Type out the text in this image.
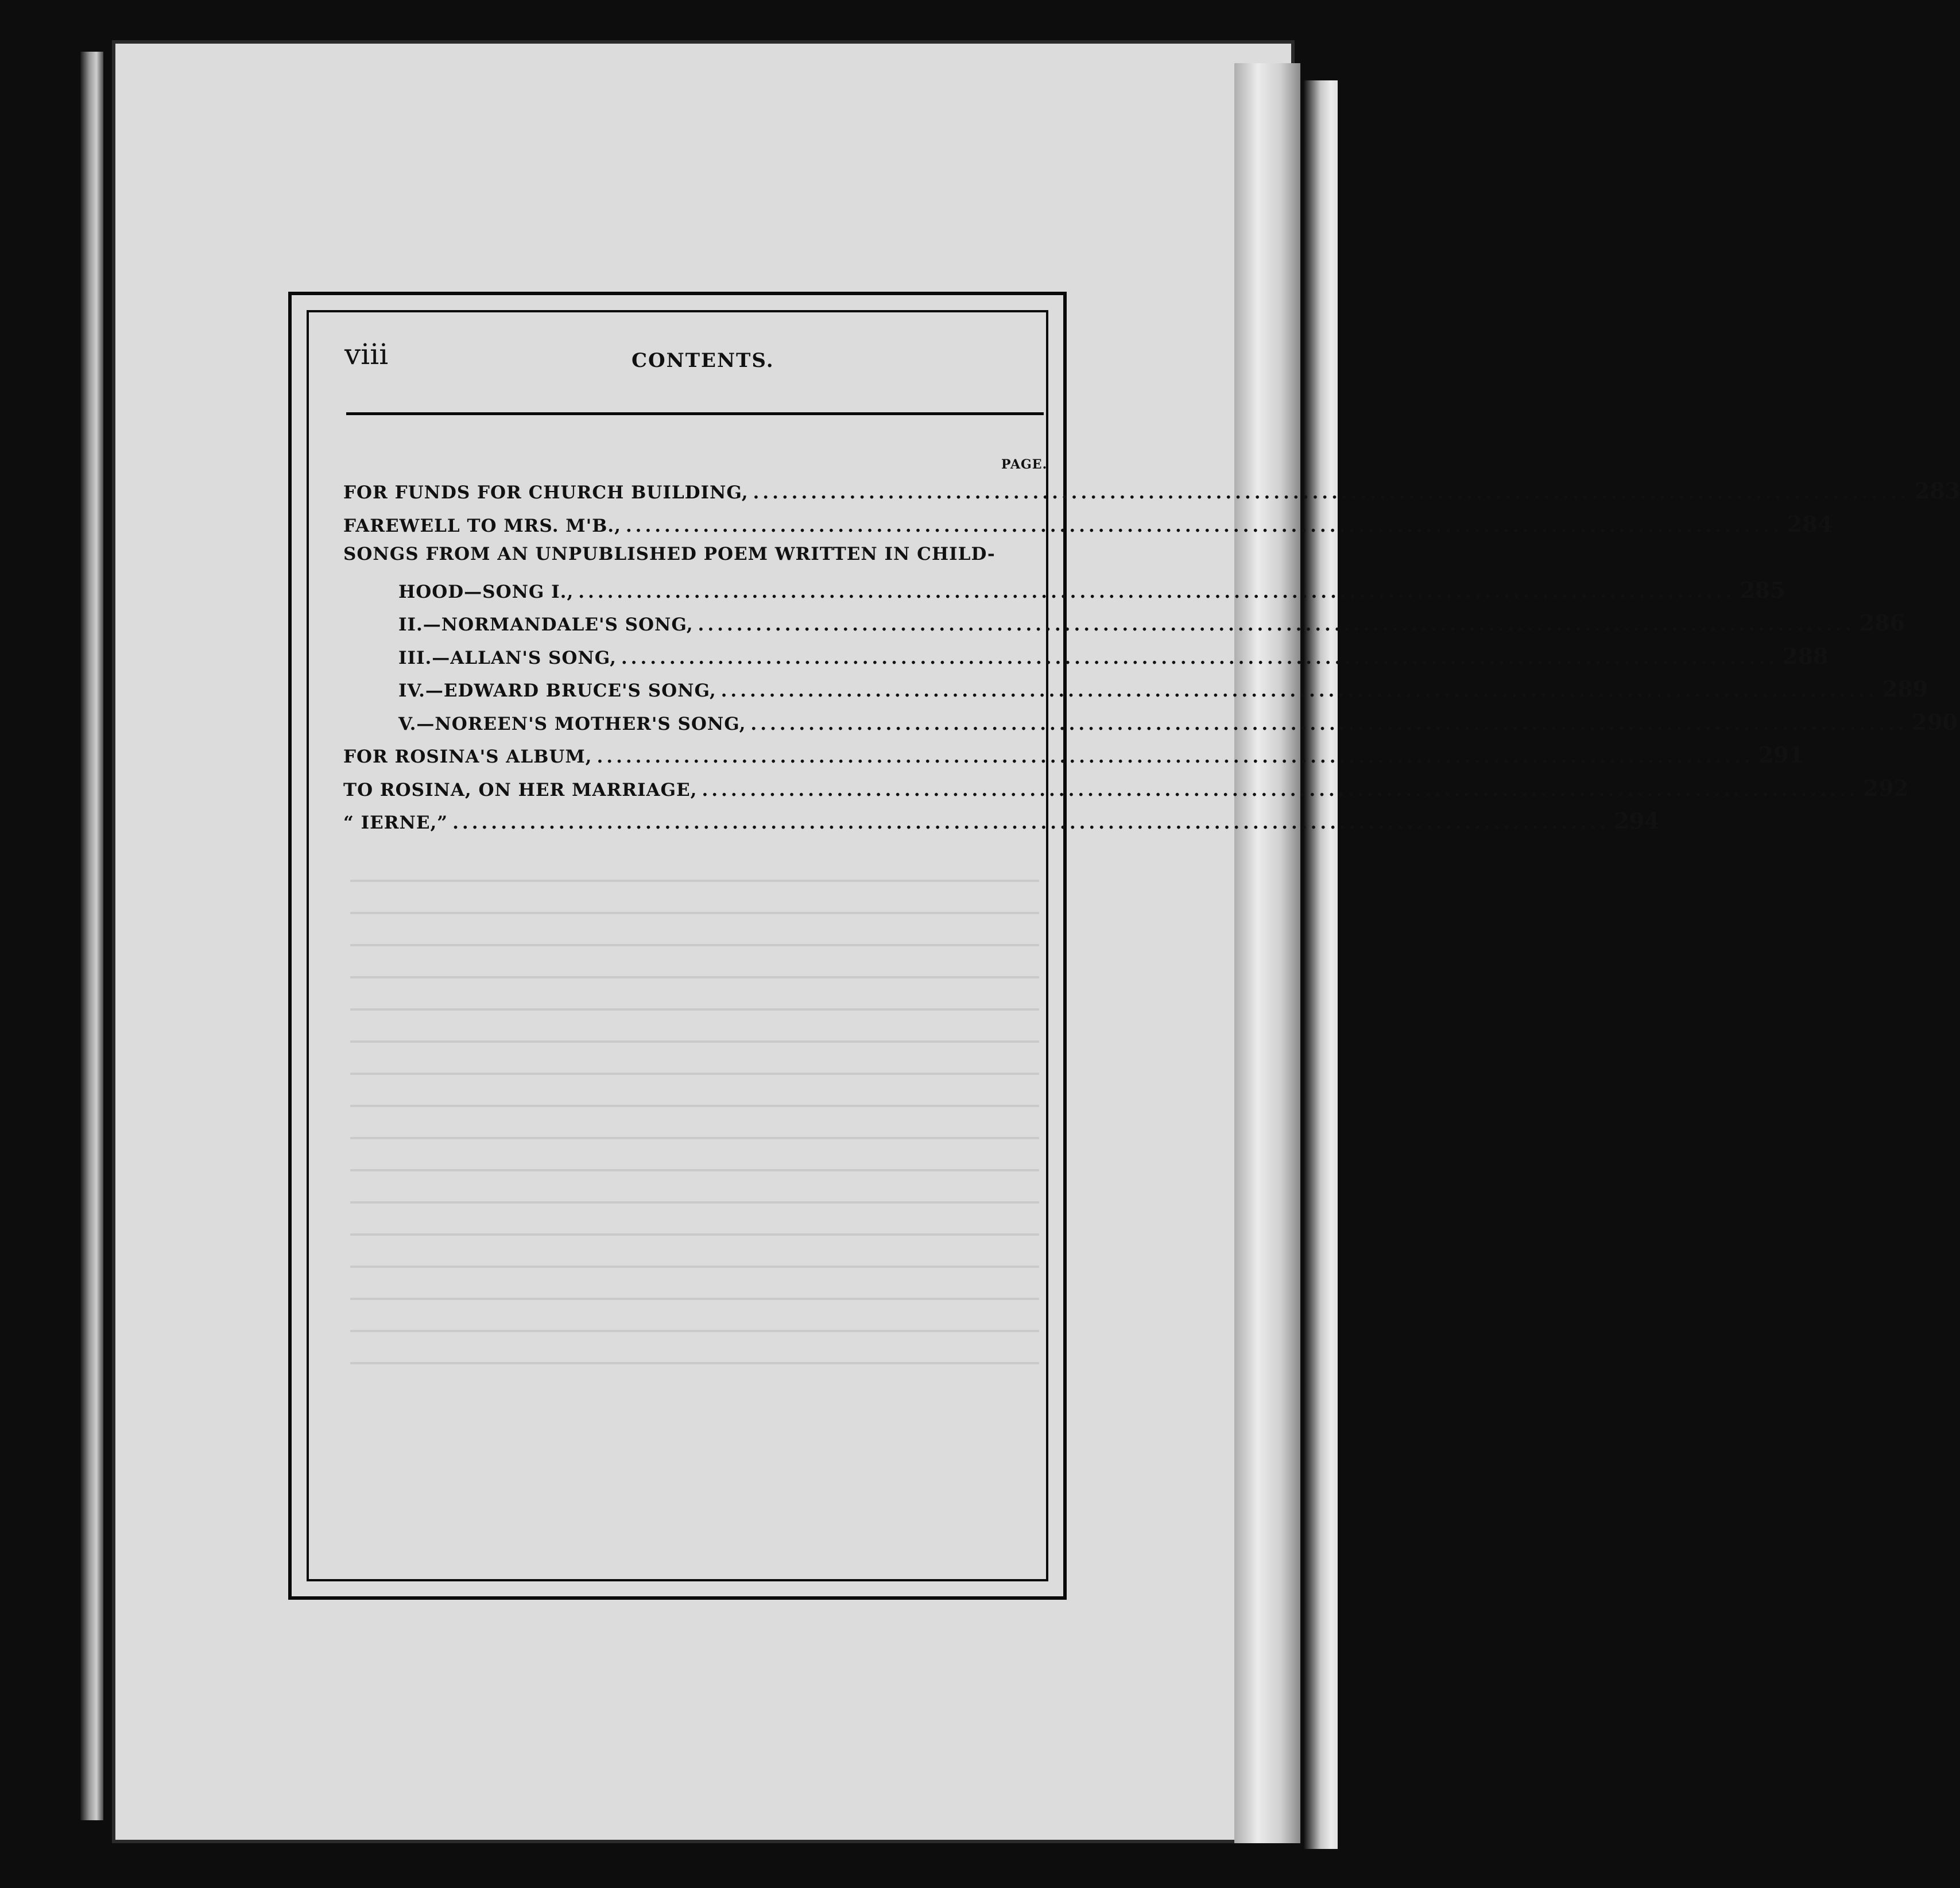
viii	CONTENTS.
PAGE.
FOR FUNDS FOR CHURCH BUILDING, ........................................................................................................................ 283
FAREWELL TO MRS. M'B., ........................................................................................................................ 284
SONGS FROM AN UNPUBLISHED POEM WRITTEN IN CHILD-
HOOD—SONG I., ........................................................................................................................ 285
II.—NORMANDALE'S SONG, ........................................................................................................................ 286
III.—ALLAN'S SONG, ........................................................................................................................ 288
IV.—EDWARD BRUCE'S SONG, ........................................................................................................................ 289
V.—NOREEN'S MOTHER'S SONG, ........................................................................................................................ 290
FOR ROSINA'S ALBUM, ........................................................................................................................ 291
TO ROSINA, ON HER MARRIAGE, ........................................................................................................................ 292
“ IERNE,” ........................................................................................................................ 294
